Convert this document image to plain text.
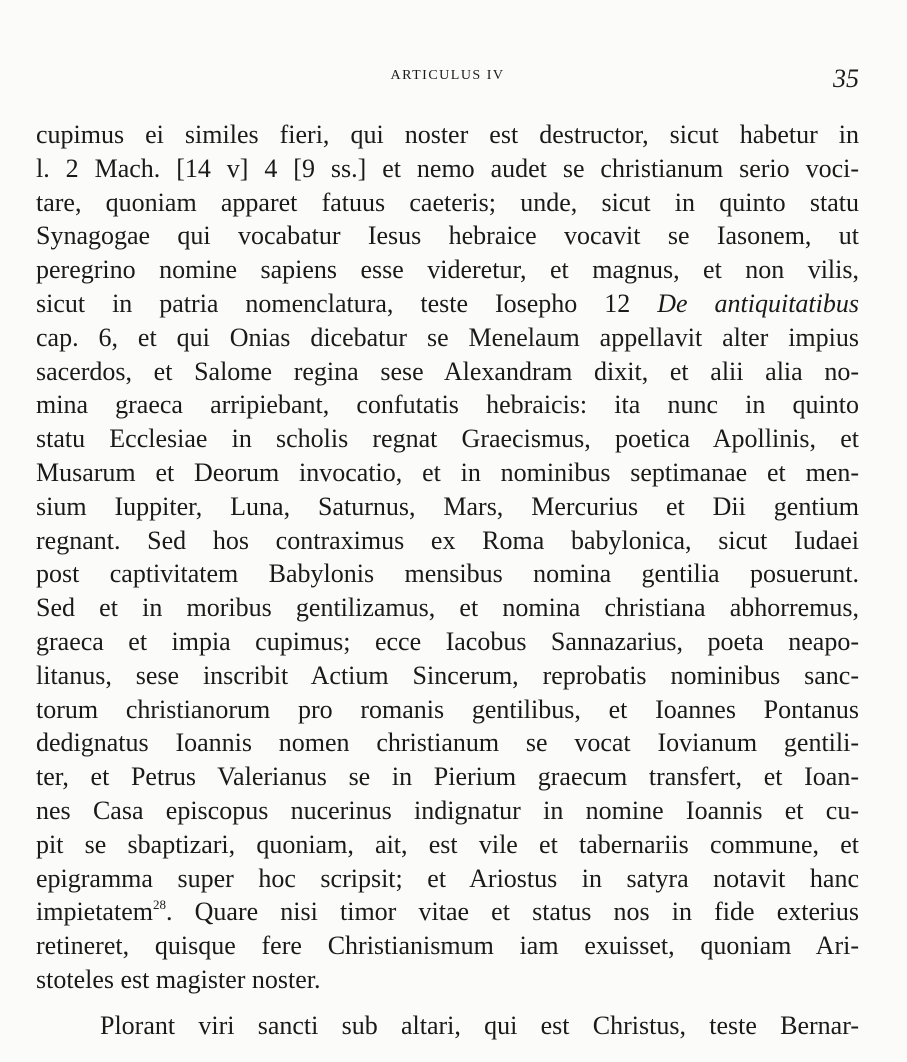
ARTICULUS IV	35
cupimus ei similes fieri, qui noster est destructor, sicut habetur in
l. 2 Mach. [14 v] 4 [9 ss.] et nemo audet se christianum serio voci-
tare, quoniam apparet fatuus caeteris; unde, sicut in quinto statu
Synagogae qui vocabatur Iesus hebraice vocavit se Iasonem, ut
peregrino nomine sapiens esse videretur, et magnus, et non vilis,
sicut in patria nomenclatura, teste Iosepho 12 De antiquitatibus
cap. 6, et qui Onias dicebatur se Menelaum appellavit alter impius
sacerdos, et Salome regina sese Alexandram dixit, et alii alia no-
mina graeca arripiebant, confutatis hebraicis: ita nunc in quinto
statu Ecclesiae in scholis regnat Graecismus, poetica Apollinis, et
Musarum et Deorum invocatio, et in nominibus septimanae et men-
sium Iuppiter, Luna, Saturnus, Mars, Mercurius et Dii gentium
regnant. Sed hos contraximus ex Roma babylonica, sicut Iudaei
post captivitatem Babylonis mensibus nomina gentilia posuerunt.
Sed et in moribus gentilizamus, et nomina christiana abhorremus,
graeca et impia cupimus; ecce Iacobus Sannazarius, poeta neapo-
litanus, sese inscribit Actium Sincerum, reprobatis nominibus sanc-
torum christianorum pro romanis gentilibus, et Ioannes Pontanus
dedignatus Ioannis nomen christianum se vocat Iovianum gentili-
ter, et Petrus Valerianus se in Pierium graecum transfert, et Ioan-
nes Casa episcopus nucerinus indignatur in nomine Ioannis et cu-
pit se sbaptizari, quoniam, ait, est vile et tabernariis commune, et
epigramma super hoc scripsit; et Ariostus in satyra notavit hanc
impietatem$^{28}$. Quare nisi timor vitae et status nos in fide exterius
retineret, quisque fere Christianismum iam exuisset, quoniam Ari-
stoteles est magister noster.
Plorant viri sancti sub altari, qui est Christus, teste Bernar-
